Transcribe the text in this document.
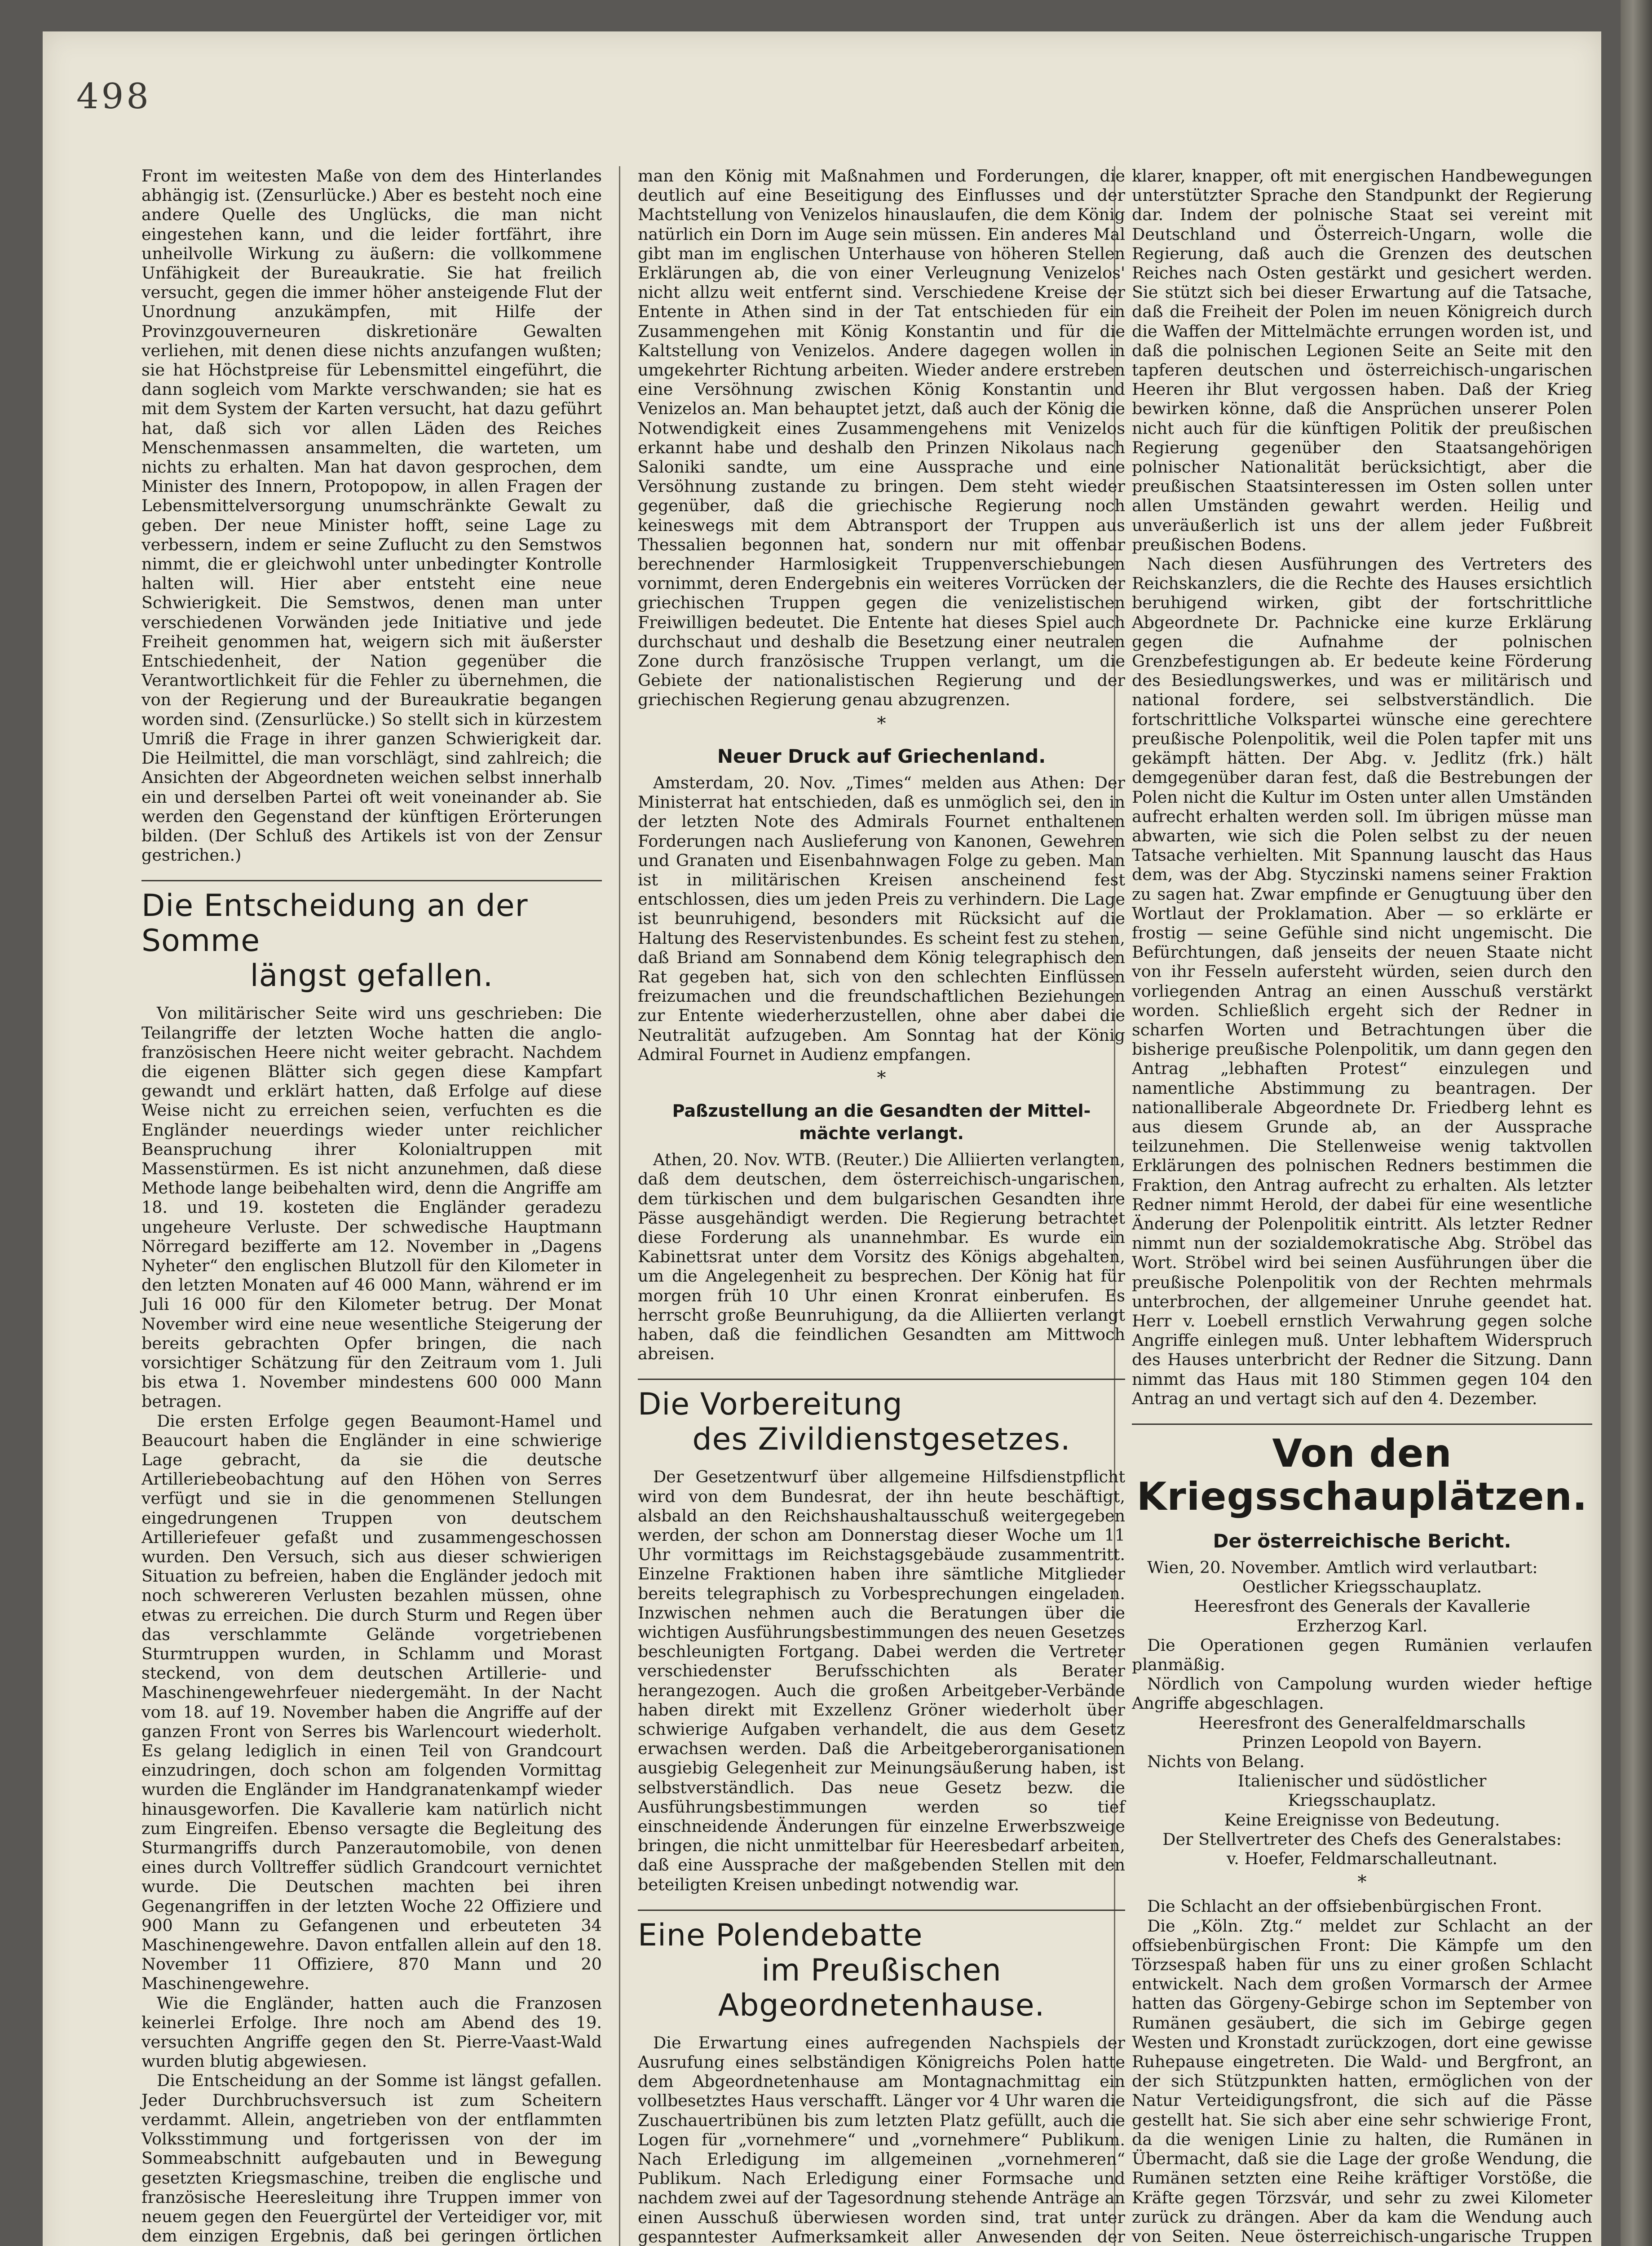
498

Front im weitesten Maße von dem des Hinterlandes abhängig ist. (Zensurlücke.) Aber es besteht noch eine andere Quelle des Unglücks, die man nicht eingestehen kann, und die leider fortfährt, ihre unheilvolle Wirkung zu äußern: die vollkommene Unfähigkeit der Bureaukratie. Sie hat freilich versucht, gegen die immer höher ansteigende Flut der Unordnung anzukämpfen, mit Hilfe der Provinzgouverneuren diskretionäre Gewalten verliehen, mit denen diese nichts anzufangen wußten; sie hat Höchstpreise für Lebensmittel eingeführt, die dann sogleich vom Markte verschwanden; sie hat es mit dem System der Karten versucht, hat dazu geführt hat, daß sich vor allen Läden des Reiches Menschenmassen ansammelten, die warteten, um nichts zu erhalten. Man hat davon gesprochen, dem Minister des Innern, Protopopow, in allen Fragen der Lebensmittelversorgung unumschränkte Gewalt zu geben. Der neue Minister hofft, seine Lage zu verbessern, indem er seine Zuflucht zu den Semstwos nimmt, die er gleichwohl unter unbedingter Kontrolle halten will. Hier aber entsteht eine neue Schwierigkeit. Die Semstwos, denen man unter verschiedenen Vorwänden jede Initiative und jede Freiheit genommen hat, weigern sich mit äußerster Entschiedenheit, der Nation gegenüber die Verantwortlichkeit für die Fehler zu übernehmen, die von der Regierung und der Bureaukratie begangen worden sind. (Zensurlücke.) So stellt sich in kürzestem Umriß die Frage in ihrer ganzen Schwierigkeit dar. Die Heilmittel, die man vorschlägt, sind zahlreich; die Ansichten der Abgeordneten weichen selbst innerhalb ein und derselben Partei oft weit voneinander ab. Sie werden den Gegenstand der künftigen Erörterungen bilden. (Der Schluß des Artikels ist von der Zensur gestrichen.)

Die Entscheidung an der Somme
längst gefallen.

Von militärischer Seite wird uns geschrieben: Die Teilangriffe der letzten Woche hatten die anglo-französischen Heere nicht weiter gebracht. Nachdem die eigenen Blätter sich gegen diese Kampfart gewandt und erklärt hatten, daß Erfolge auf diese Weise nicht zu erreichen seien, verfuchten es die Engländer neuerdings wieder unter reichlicher Beanspruchung ihrer Kolonialtruppen mit Massenstürmen. Es ist nicht anzunehmen, daß diese Methode lange beibehalten wird, denn die Angriffe am 18. und 19. kosteten die Engländer geradezu ungeheure Verluste. Der schwedische Hauptmann Nörregard bezifferte am 12. November in „Dagens Nyheter“ den englischen Blutzoll für den Kilometer in den letzten Monaten auf 46 000 Mann, während er im Juli 16 000 für den Kilometer betrug. Der Monat November wird eine neue wesentliche Steigerung der bereits gebrachten Opfer bringen, die nach vorsichtiger Schätzung für den Zeitraum vom 1. Juli bis etwa 1. November mindestens 600 000 Mann betragen.

Die ersten Erfolge gegen Beaumont-Hamel und Beaucourt haben die Engländer in eine schwierige Lage gebracht, da sie die deutsche Artilleriebeobachtung auf den Höhen von Serres verfügt und sie in die genommenen Stellungen eingedrungenen Truppen von deutschem Artilleriefeuer gefaßt und zusammengeschossen wurden. Den Versuch, sich aus dieser schwierigen Situation zu befreien, haben die Engländer jedoch mit noch schwereren Verlusten bezahlen müssen, ohne etwas zu erreichen. Die durch Sturm und Regen über das verschlammte Gelände vorgetriebenen Sturmtruppen wurden, in Schlamm und Morast steckend, von dem deutschen Artillerie- und Maschinengewehrfeuer niedergemäht. In der Nacht vom 18. auf 19. November haben die Angriffe auf der ganzen Front von Serres bis Warlencourt wiederholt. Es gelang lediglich in einen Teil von Grandcourt einzudringen, doch schon am folgenden Vormittag wurden die Engländer im Handgranatenkampf wieder hinausgeworfen. Die Kavallerie kam natürlich nicht zum Eingreifen. Ebenso versagte die Begleitung des Sturmangriffs durch Panzerautomobile, von denen eines durch Volltreffer südlich Grandcourt vernichtet wurde. Die Deutschen machten bei ihren Gegenangriffen in der letzten Woche 22 Offiziere und 900 Mann zu Gefangenen und erbeuteten 34 Maschinengewehre. Davon entfallen allein auf den 18. November 11 Offiziere, 870 Mann und 20 Maschinengewehre.

Wie die Engländer, hatten auch die Franzosen keinerlei Erfolge. Ihre noch am Abend des 19. versuchten Angriffe gegen den St. Pierre-Vaast-Wald wurden blutig abgewiesen.

Die Entscheidung an der Somme ist längst gefallen. Jeder Durchbruchsversuch ist zum Scheitern verdammt. Allein, angetrieben von der entflammten Volksstimmung und fortgerissen von der im Sommeabschnitt aufgebauten und in Bewegung gesetzten Kriegsmaschine, treiben die englische und französische Heeresleitung ihre Truppen immer von neuem gegen den Feuergürtel der Verteidiger vor, mit dem einzigen Ergebnis, daß bei geringen örtlichen

man den König mit Maßnahmen und Forderungen, die deutlich auf eine Beseitigung des Einflusses und der Machtstellung von Venizelos hinauslaufen, die dem König natürlich ein Dorn im Auge sein müssen. Ein anderes Mal gibt man im englischen Unterhause von höheren Stellen Erklärungen ab, die von einer Verleugnung Venizelos' nicht allzu weit entfernt sind. Verschiedene Kreise der Entente in Athen sind in der Tat entschieden für ein Zusammengehen mit König Konstantin und für die Kaltstellung von Venizelos. Andere dagegen wollen in umgekehrter Richtung arbeiten. Wieder andere erstreben eine Versöhnung zwischen König Konstantin und Venizelos an. Man behauptet jetzt, daß auch der König die Notwendigkeit eines Zusammengehens mit Venizelos erkannt habe und deshalb den Prinzen Nikolaus nach Saloniki sandte, um eine Aussprache und eine Versöhnung zustande zu bringen. Dem steht wieder gegenüber, daß die griechische Regierung noch keineswegs mit dem Abtransport der Truppen aus Thessalien begonnen hat, sondern nur mit offenbar berechnender Harmlosigkeit Truppenverschiebungen vornimmt, deren Endergebnis ein weiteres Vorrücken der griechischen Truppen gegen die venizelistischen Freiwilligen bedeutet. Die Entente hat dieses Spiel auch durchschaut und deshalb die Besetzung einer neutralen Zone durch französische Truppen verlangt, um die Gebiete der nationalistischen Regierung und der griechischen Regierung genau abzugrenzen.

*
Neuer Druck auf Griechenland.

Amsterdam, 20. Nov. „Times“ melden aus Athen: Der Ministerrat hat entschieden, daß es unmöglich sei, den in der letzten Note des Admirals Fournet enthaltenen Forderungen nach Auslieferung von Kanonen, Gewehren und Granaten und Eisenbahnwagen Folge zu geben. Man ist in militärischen Kreisen anscheinend fest entschlossen, dies um jeden Preis zu verhindern. Die Lage ist beunruhigend, besonders mit Rücksicht auf die Haltung des Reservistenbundes. Es scheint fest zu stehen, daß Briand am Sonnabend dem König telegraphisch den Rat gegeben hat, sich von den schlechten Einflüssen freizumachen und die freundschaftlichen Beziehungen zur Entente wiederherzustellen, ohne aber dabei die Neutralität aufzugeben. Am Sonntag hat der König Admiral Fournet in Audienz empfangen.

*
Paßzustellung an die Gesandten der Mittel-
mächte verlangt.

Athen, 20. Nov. WTB. (Reuter.) Die Alliierten verlangten, daß dem deutschen, dem österreichisch-ungarischen, dem türkischen und dem bulgarischen Gesandten ihre Pässe ausgehändigt werden. Die Regierung betrachtet diese Forderung als unannehmbar. Es wurde ein Kabinettsrat unter dem Vorsitz des Königs abgehalten, um die Angelegenheit zu besprechen. Der König hat für morgen früh 10 Uhr einen Kronrat einberufen. Es herrscht große Beunruhigung, da die Alliierten verlangt haben, daß die feindlichen Gesandten am Mittwoch abreisen.

Die Vorbereitung
des Zivildienstgesetzes.

Der Gesetzentwurf über allgemeine Hilfsdienstpflicht wird von dem Bundesrat, der ihn heute beschäftigt, alsbald an den Reichshaushaltausschuß weitergegeben werden, der schon am Donnerstag dieser Woche um 11 Uhr vormittags im Reichstagsgebäude zusammentritt. Einzelne Fraktionen haben ihre sämtliche Mitglieder bereits telegraphisch zu Vorbesprechungen eingeladen. Inzwischen nehmen auch die Beratungen über die wichtigen Ausführungsbestimmungen des neuen Gesetzes beschleunigten Fortgang. Dabei werden die Vertreter verschiedenster Berufsschichten als Berater herangezogen. Auch die großen Arbeitgeber-Verbände haben direkt mit Exzellenz Gröner wiederholt über schwierige Aufgaben verhandelt, die aus dem Gesetz erwachsen werden. Daß die Arbeitgeberorganisationen ausgiebig Gelegenheit zur Meinungsäußerung haben, ist selbstverständlich. Das neue Gesetz bezw. die Ausführungsbestimmungen werden so tief einschneidende Änderungen für einzelne Erwerbszweige bringen, die nicht unmittelbar für Heeresbedarf arbeiten, daß eine Aussprache der maßgebenden Stellen mit den beteiligten Kreisen unbedingt notwendig war.

Eine Polendebatte
im Preußischen Abgeordnetenhause.

Die Erwartung eines aufregenden Nachspiels der Ausrufung eines selbständigen Königreichs Polen hatte dem Abgeordnetenhause am Montagnachmittag ein vollbesetztes Haus verschafft. Länger vor 4 Uhr waren die Zuschauertribünen bis zum letzten Platz gefüllt, auch die Logen für „vornehmere“ und „vornehmere“ Publikum. Nach Erledigung im allgemeinen „vornehmeren“ Publikum. Nach Erledigung einer Formsache und nachdem zwei auf der Tagesordnung stehende Anträge an einen Ausschuß überwiesen worden sind, trat unter gespanntester Aufmerksamkeit aller Anwesenden der

klarer, knapper, oft mit energischen Handbewegungen unterstützter Sprache den Standpunkt der Regierung dar. Indem der polnische Staat sei vereint mit Deutschland und Österreich-Ungarn, wolle die Regierung, daß auch die Grenzen des deutschen Reiches nach Osten gestärkt und gesichert werden. Sie stützt sich bei dieser Erwartung auf die Tatsache, daß die Freiheit der Polen im neuen Königreich durch die Waffen der Mittelmächte errungen worden ist, und daß die polnischen Legionen Seite an Seite mit den tapferen deutschen und österreichisch-ungarischen Heeren ihr Blut vergossen haben. Daß der Krieg bewirken könne, daß die Ansprüchen unserer Polen nicht auch für die künftigen Politik der preußischen Regierung gegenüber den Staatsangehörigen polnischer Nationalität berücksichtigt, aber die preußischen Staatsinteressen im Osten sollen unter allen Umständen gewahrt werden. Heilig und unveräußerlich ist uns der allem jeder Fußbreit preußischen Bodens.

Nach diesen Ausführungen des Vertreters des Reichskanzlers, die die Rechte des Hauses ersichtlich beruhigend wirken, gibt der fortschrittliche Abgeordnete Dr. Pachnicke eine kurze Erklärung gegen die Aufnahme der polnischen Grenzbefestigungen ab. Er bedeute keine Förderung des Besiedlungswerkes, und was er militärisch und national fordere, sei selbstverständlich. Die fortschrittliche Volkspartei wünsche eine gerechtere preußische Polenpolitik, weil die Polen tapfer mit uns gekämpft hätten. Der Abg. v. Jedlitz (frk.) hält demgegenüber daran fest, daß die Bestrebungen der Polen nicht die Kultur im Osten unter allen Umständen aufrecht erhalten werden soll. Im übrigen müsse man abwarten, wie sich die Polen selbst zu der neuen Tatsache verhielten. Mit Spannung lauscht das Haus dem, was der Abg. Styczinski namens seiner Fraktion zu sagen hat. Zwar empfinde er Genugtuung über den Wortlaut der Proklamation. Aber — so erklärte er frostig — seine Gefühle sind nicht ungemischt. Die Befürchtungen, daß jenseits der neuen Staate nicht von ihr Fesseln aufersteht würden, seien durch den vorliegenden Antrag an einen Ausschuß verstärkt worden. Schließlich ergeht sich der Redner in scharfen Worten und Betrachtungen über die bisherige preußische Polenpolitik, um dann gegen den Antrag „lebhaften Protest“ einzulegen und namentliche Abstimmung zu beantragen. Der nationalliberale Abgeordnete Dr. Friedberg lehnt es aus diesem Grunde ab, an der Aussprache teilzunehmen. Die Stellenweise wenig taktvollen Erklärungen des polnischen Redners bestimmen die Fraktion, den Antrag aufrecht zu erhalten. Als letzter Redner nimmt Herold, der dabei für eine wesentliche Änderung der Polenpolitik eintritt. Als letzter Redner nimmt nun der sozialdemokratische Abg. Ströbel das Wort. Ströbel wird bei seinen Ausführungen über die preußische Polenpolitik von der Rechten mehrmals unterbrochen, der allgemeiner Unruhe geendet hat. Herr v. Loebell ernstlich Verwahrung gegen solche Angriffe einlegen muß. Unter lebhaftem Widerspruch des Hauses unterbricht der Redner die Sitzung. Dann nimmt das Haus mit 180 Stimmen gegen 104 den Antrag an und vertagt sich auf den 4. Dezember.

Von den Kriegsschauplätzen.
Der österreichische Bericht.

Wien, 20. November. Amtlich wird verlautbart:

Oestlicher Kriegsschauplatz.

Heeresfront des Generals der Kavallerie

Erzherzog Karl.

Die Operationen gegen Rumänien verlaufen planmäßig.

Nördlich von Campolung wurden wieder heftige Angriffe abgeschlagen.

Heeresfront des Generalfeldmarschalls

Prinzen Leopold von Bayern.

Nichts von Belang.

Italienischer und südöstlicher

Kriegsschauplatz.

Keine Ereignisse von Bedeutung.

Der Stellvertreter des Chefs des Generalstabes:

v. Hoefer, Feldmarschalleutnant.

*

Die Schlacht an der offsiebenbürgischen Front.

Die „Köln. Ztg.“ meldet zur Schlacht an der offsiebenbürgischen Front: Die Kämpfe um den Törzsespaß haben für uns zu einer großen Schlacht entwickelt. Nach dem großen Vormarsch der Armee hatten das Görgeny-Gebirge schon im September von Rumänen gesäubert, die sich im Gebirge gegen Westen und Kronstadt zurückzogen, dort eine gewisse Ruhepause eingetreten. Die Wald- und Bergfront, an der sich Stützpunkten hatten, ermöglichen von der Natur Verteidigungsfront, die sich auf die Pässe gestellt hat. Sie sich aber eine sehr schwierige Front, da die wenigen Linie zu halten, die Rumänen in Übermacht, daß sie die Lage der große Wendung, die Rumänen setzten eine Reihe kräftiger Vorstöße, die Kräfte gegen Törzsvár, und sehr zu zwei Kilometer zurück zu drängen. Aber da kam die Wendung auch von Seiten. Neue österreichisch-ungarische Truppen
